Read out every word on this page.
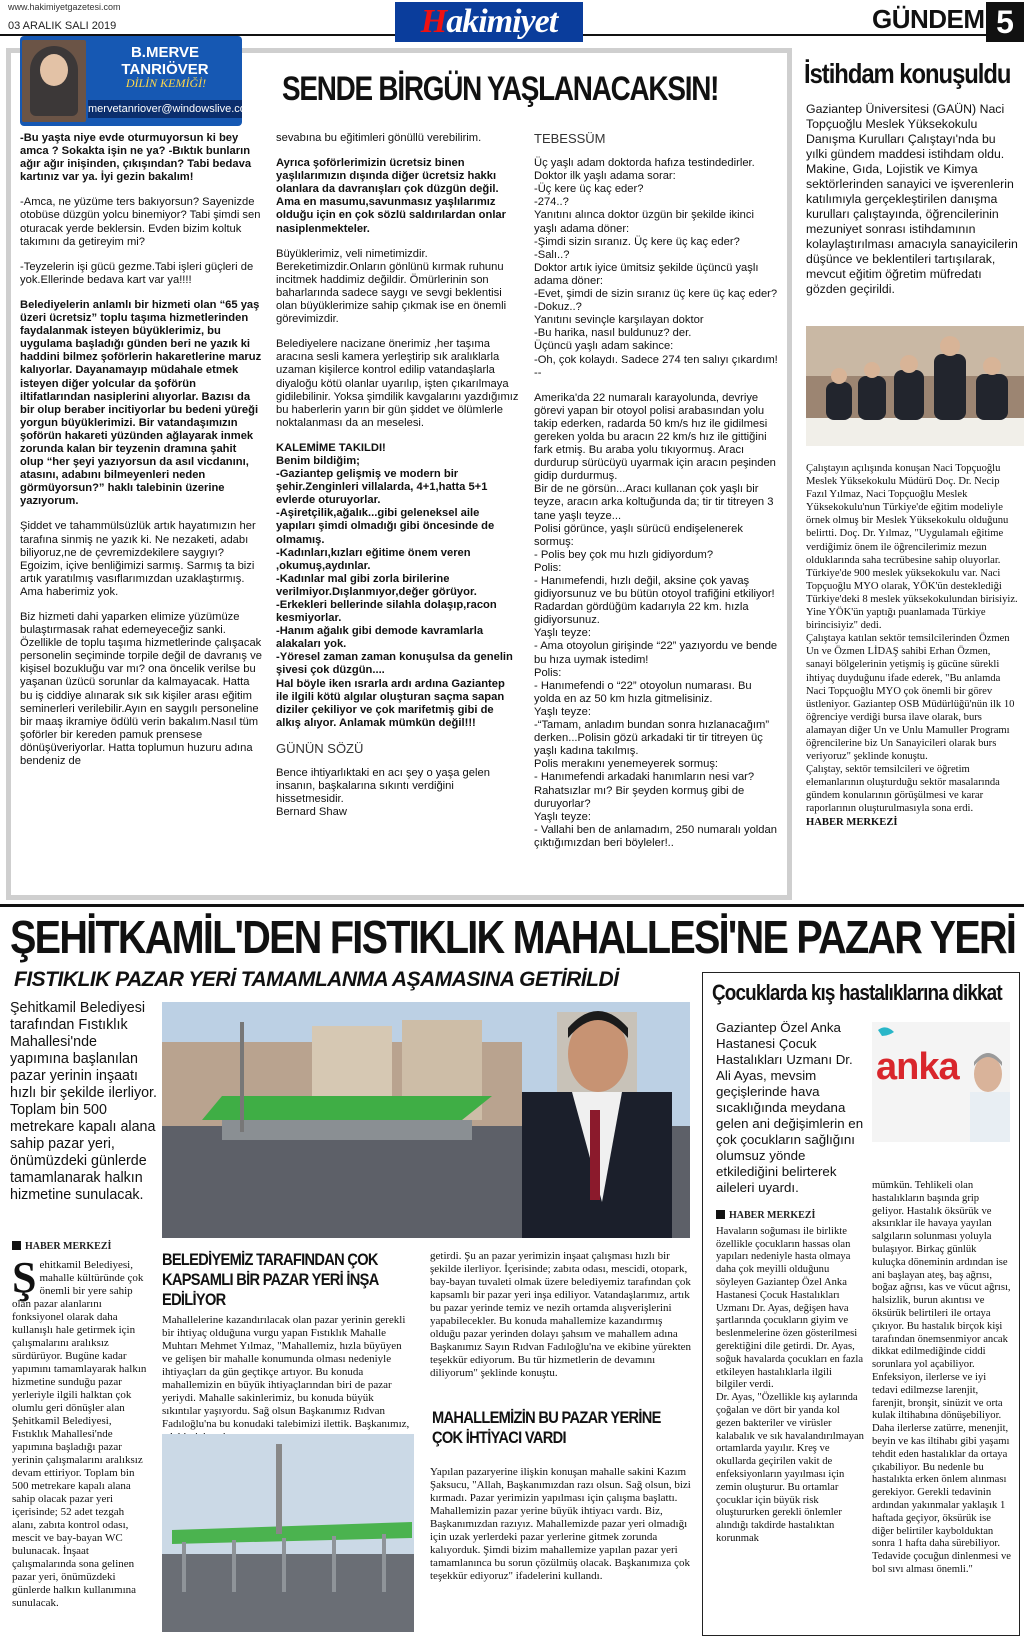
www.hakimiyetgazetesi.com
03 ARALIK SALI 2019	Hakimiyet	GÜNDEM 5
B.MERVE TANRIÖVER
DİLİN KEMİĞİ!
mervetanriover@windowslive.com
SENDE BİRGÜN YAŞLANACAKSIN!

-Bu yaşta niye evde oturmuyorsun ki bey amca ? Sokakta işin ne ya? -Bıktık bunların ağır ağır inişinden, çıkışından? Tabi bedava kartınız var ya. İyi gezin bakalım!

-Amca, ne yüzüme ters bakıyorsun? Sayenizde otobüse düzgün yolcu binemiyor? Tabi şimdi sen oturacak yerde beklersin. Evden bizim koltuk takımını da getireyim mi?

-Teyzelerin işi gücü gezme.Tabi işleri güçleri de yok.Ellerinde bedava kart var ya!!!!

Belediyelerin anlamlı bir hizmeti olan “65 yaş üzeri ücretsiz” toplu taşıma hizmetlerinden faydalanmak isteyen büyüklerimiz, bu uygulama başladığı günden beri ne yazık ki haddini bilmez şoförlerin hakaretlerine maruz kalıyorlar. Dayanamayıp müdahale etmek isteyen diğer yolcular da şoförün iltifatlarından nasiplerini alıyorlar. Bazısı da bir olup beraber incitiyorlar bu bedeni yüreği yorgun büyüklerimizi. Bir vatandaşımızın şoförün hakareti yüzünden ağlayarak inmek zorunda kalan bir teyzenin dramına şahit olup “her şeyi yazıyorsun da asıl vicdanını, atasını, adabını bilmeyenleri neden görmüyorsun?” haklı talebinin üzerine yazıyorum.

Şiddet ve tahammülsüzlük artık hayatımızın her tarafına sinmiş ne yazık ki. Ne nezaketi, adabı biliyoruz,ne de çevremizdekilere saygıyı? Egoizim, içive benliğimizi sarmış. Sarmış ta bizi artık yaratılmış vasıflarımızdan uzaklaştırmış. Ama haberimiz yok.

Biz hizmeti dahi yaparken elimize yüzümüze bulaştırmasak rahat edemeyeceğiz sanki. Özellikle de toplu taşıma hizmetlerinde çalışacak personelin seçiminde torpile değil de davranış ve kişisel bozukluğu var mı? ona öncelik verilse bu yaşanan üzücü sorunlar da kalmayacak. Hatta bu iş ciddiye alınarak sık sık kişiler arası eğitim seminerleri verilebilir.Ayın en saygılı personeline bir maaş ikramiye ödülü verin bakalım.Nasıl tüm şoförler bir kereden pamuk prensese dönüşüveriyorlar. Hatta toplumun huzuru adına bendeniz de

sevabına bu eğitimleri gönüllü verebilirim.

Ayrıca şoförlerimizin ücretsiz binen yaşlılarımızın dışında diğer ücretsiz hakkı olanlara da davranışları çok düzgün değil. Ama en masumu,savunmasız yaşlılarımız olduğu için en çok sözlü saldırılardan onlar nasiplenmekteler.

Büyüklerimiz, veli nimetimizdir. Bereketimizdir.Onların gönlünü kırmak ruhunu incitmek haddimiz değildir. Ömürlerinin son baharlarında sadece saygı ve sevgi beklentisi olan büyüklerimize sahip çıkmak ise en önemli görevimizdir.

Belediyelere nacizane önerimiz ,her taşıma aracına sesli kamera yerleştirip sık aralıklarla uzaman kişilerce kontrol edilip vatandaşlarla diyaloğu kötü olanlar uyarılıp, işten çıkarılmaya gidilebilinir. Yoksa şimdilik kavgalarını yazdığımız bu haberlerin yarın bir gün şiddet ve ölümlerle noktalanması da an meselesi.

KALEMİME TAKILDI!
Benim bildiğim;
-Gaziantep gelişmiş ve modern bir şehir.Zenginleri villalarda, 4+1,hatta 5+1 evlerde oturuyorlar.
-Aşiretçilik,ağalık...gibi geleneksel aile yapıları şimdi olmadığı gibi öncesinde de olmamış.
-Kadınları,kızları eğitime önem veren ,okumuş,aydınlar.
-Kadınlar mal gibi zorla birilerine verilmiyor.Dışlanmıyor,değer görüyor.
-Erkekleri bellerinde silahla dolaşıp,racon kesmiyorlar.
-Hanım ağalık gibi demode kavramlarla alakaları yok.
-Yöresel zaman zaman konuşulsa da genelin şivesi çok düzgün....
Hal böyle iken ısrarla ardı ardına Gaziantep ile ilgili kötü algılar oluşturan saçma sapan diziler çekiliyor ve çok marifetmiş gibi de alkış alıyor. Anlamak mümkün değil!!!

GÜNÜN SÖZÜ

Bence ihtiyarlıktaki en acı şey o yaşa gelen insanın, başkalarına sıkıntı verdiğini hissetmesidir.
Bernard Shaw

TEBESSÜM

Üç yaşlı adam doktorda hafıza testindedirler. Doktor ilk yaşlı adama sorar:
-Üç kere üç kaç eder?
-274..?
Yanıtını alınca doktor üzgün bir şekilde ikinci yaşlı adama döner:
-Şimdi sizin sıranız. Üç kere üç kaç eder?
-Salı..?
Doktor artık iyice ümitsiz şekilde üçüncü yaşlı adama döner:
-Evet, şimdi de sizin sıranız üç kere üç kaç eder?
-Dokuz..?
Yanıtını sevinçle karşılayan doktor
-Bu harika, nasıl buldunuz? der.
Üçüncü yaşlı adam sakince:
-Oh, çok kolaydı. Sadece 274 ten salıyı çıkardım!
--

Amerika'da 22 numaralı karayolunda, devriye görevi yapan bir otoyol polisi arabasından yolu takip ederken, radarda 50 km/s hız ile gidilmesi gereken yolda bu aracın 22 km/s hız ile gittiğini fark etmiş. Bu araba yolu tıkıyormuş. Aracı durdurup sürücüyü uyarmak için aracın peşinden gidip durdurmuş.
Bir de ne görsün...Aracı kullanan çok yaşlı bir teyze, aracın arka koltuğunda da; tir tir titreyen 3 tane yaşlı teyze...
Polisi görünce, yaşlı sürücü endişelenerek sormuş:
- Polis bey çok mu hızlı gidiyordum?
Polis:
- Hanımefendi, hızlı değil, aksine çok yavaş gidiyorsunuz ve bu bütün otoyol trafiğini etkiliyor! Radardan gördüğüm kadarıyla 22 km. hızla gidiyorsunuz.
Yaşlı teyze:
- Ama otoyolun girişinde “22” yazıyordu ve bende bu hıza uymak istedim!
Polis:
- Hanımefendi o “22” otoyolun numarası. Bu yolda en az 50 km hızla gitmelisiniz.
Yaşlı teyze:
-“Tamam, anladım bundan sonra hızlanacağım” derken...Polisin gözü arkadaki tir tir titreyen üç yaşlı kadına takılmış.
Polis merakını yenemeyerek sormuş:
- Hanımefendi arkadaki hanımların nesi var? Rahatsızlar mı? Bir şeyden kormuş gibi de duruyorlar?
Yaşlı teyze:
- Vallahi ben de anlamadım, 250 numaralı yoldan çıktığımızdan beri böyleler!..

İstihdam konuşuldu
Gaziantep Üniversitesi (GAÜN) Naci Topçuoğlu Meslek Yüksekokulu Danışma Kurulları Çalıştayı'nda bu yılki gündem maddesi istihdam oldu. Makine, Gıda, Lojistik ve Kimya sektörlerinden sanayici ve işverenlerin katılımıyla gerçekleştirilen danışma kurulları çalıştayında, öğrencilerinin mezuniyet sonrası istihdamının kolaylaştırılması amacıyla sanayicilerin düşünce ve beklentileri tartışılarak, mevcut eğitim öğretim müfredatı gözden geçirildi.

Çalıştayın açılışında konuşan Naci Topçuoğlu Meslek Yüksekokulu Müdürü Doç. Dr. Necip Fazıl Yılmaz, Naci Topçuoğlu Meslek Yüksekokulu'nun Türkiye'de eğitim modeliyle örnek olmuş bir Meslek Yüksekokulu olduğunu belirtti. Doç. Dr. Yılmaz, "Uygulamalı eğitime verdiğimiz önem ile öğrencilerimiz mezun olduklarında saha tecrübesine sahip oluyorlar. Türkiye'de 900 meslek yüksekokulu var. Naci Topçuoğlu MYO olarak, YÖK'ün desteklediği Türkiye'deki 8 meslek yüksekokulundan birisiyiz. Yine YÖK'ün yaptığı puanlamada Türkiye birincisiyiz" dedi.
Çalıştaya katılan sektör temsilcilerinden Özmen Un ve Özmen LİDAŞ sahibi Erhan Özmen, sanayi bölgelerinin yetişmiş iş gücüne sürekli ihtiyaç duyduğunu ifade ederek, "Bu anlamda Naci Topçuoğlu MYO çok önemli bir görev üstleniyor. Gaziantep OSB Müdürlüğü'nün ilk 10 öğrenciye verdiği bursa ilave olarak, burs alamayan diğer Un ve Unlu Mamuller Programı öğrencilerine biz Un Sanayicileri olarak burs veriyoruz" şeklinde konuştu.
Çalıştay, sektör temsilcileri ve öğretim elemanlarının oluşturduğu sektör masalarında gündem konularının görüşülmesi ve karar raporlarının oluşturulmasıyla sona erdi.

HABER MERKEZİ

ŞEHİTKAMİL'DEN FISTIKLIK MAHALLESİ'NE PAZAR YERİ
FISTIKLIK PAZAR YERİ TAMAMLANMA AŞAMASINA GETİRİLDİ
Şehitkamil Belediyesi tarafından Fıstıklık Mahallesi'nde yapımına başlanılan pazar yerinin inşaatı hızlı bir şekilde ilerliyor. Toplam bin 500 metrekare kapalı alana sahip pazar yeri, önümüzdeki günlerde tamamlanarak halkın hizmetine sunulacak.
HABER MERKEZİ
Ş ehitkamil Belediyesi, mahalle kültüründe çok önemli bir yere sahip olan pazar alanlarını fonksiyonel olarak daha kullanışlı hale getirmek için çalışmalarını aralıksız sürdürüyor. Bugüne kadar yapımını tamamlayarak halkın hizmetine sunduğu pazar yerleriyle ilgili halktan çok olumlu geri dönüşler alan Şehitkamil Belediyesi, Fıstıklık Mahallesi'nde yapımına başladığı pazar yerinin çalışmalarını aralıksız devam ettiriyor. Toplam bin 500 metrekare kapalı alana sahip olacak pazar yeri içerisinde; 52 adet tezgah alanı, zabıta kontrol odası, mescit ve bay-bayan WC bulunacak. İnşaat çalışmalarında sona gelinen pazar yeri, önümüzdeki günlerde halkın kullanımına sunulacak.
BELEDİYEMİZ TARAFINDAN ÇOK KAPSAMLI BİR PAZAR YERİ İNŞA EDİLİYOR
Mahallelerine kazandırılacak olan pazar yerinin gerekli bir ihtiyaç olduğuna vurgu yapan Fıstıklık Mahalle Muhtarı Mehmet Yılmaz, "Mahallemiz, hızla büyüyen ve gelişen bir mahalle konumunda olması nedeniyle ihtiyaçları da gün geçtikçe artıyor. Bu konuda mahallemizin en büyük ihtiyaçlarından biri de pazar yeriydi. Mahalle sakinlerimiz, bu konuda büyük sıkıntılar yaşıyordu. Sağ olsun Başkanımız Rıdvan Fadıloğlu'na bu konudaki talebimizi ilettik. Başkanımız,
getirdi. Şu an pazar yerimizin inşaat çalışması hızlı bir şekilde ilerliyor. İçerisinde; zabıta odası, mescidi, otopark, bay-bayan tuvaleti olmak üzere belediyemiz tarafından çok kapsamlı bir pazar yeri inşa ediliyor. Vatandaşlarımız, artık bu pazar yerinde temiz ve nezih ortamda alışverişlerini yapabilecekler. Bu konuda mahallemize kazandırmış olduğu pazar yerinden dolayı şahsım ve mahallem adına Başkanımız Sayın Rıdvan Fadıloğlu'na ve ekibine yürekten teşekkür ediyorum. Bu tür hizmetlerin de devamını diliyorum" şeklinde konuştu.
MAHALLEMİZİN BU PAZAR YERİNE ÇOK İHTİYACI VARDI
Yapılan pazaryerine ilişkin konuşan mahalle sakini Kazım Şaksucu, "Allah, Başkanımızdan razı olsun. Sağ olsun, bizi kırmadı. Pazar yerimizin yapılması için çalışma başlattı. Mahallemizin pazar yerine büyük ihtiyacı vardı. Biz, Başkanımızdan razıyız. Mahallemizde pazar yeri olmadığı için uzak yerlerdeki pazar yerlerine gitmek zorunda kalıyorduk. Şimdi bizim mahallemize yapılan pazar yeri tamamlanınca bu sorun çözülmüş olacak. Başkanımıza çok teşekkür ediyoruz" ifadelerini kullandı.
Çocuklarda kış hastalıklarına dikkat
Gaziantep Özel Anka Hastanesi Çocuk Hastalıkları Uzmanı Dr. Ali Ayas, mevsim geçişlerinde hava sıcaklığında meydana gelen ani değişimlerin en çok çocukların sağlığını olumsuz yönde etkilediğini belirterek aileleri uyardı.
anka
HABER MERKEZİ

Havaların soğuması ile birlikte özellikle çocukların hassas olan yapıları nedeniyle hasta olmaya daha çok meyilli olduğunu söyleyen Gaziantep Özel Anka Hastanesi Çocuk Hastalıkları Uzmanı Dr. Ayas, değişen hava şartlarında çocukların giyim ve beslenmelerine özen gösterilmesi gerektiğini dile getirdi. Dr. Ayas, soğuk havalarda çocukları en fazla etkileyen hastalıklarla ilgili bilgiler verdi.
Dr. Ayas, "Özellikle kış aylarında çoğalan ve dört bir yanda kol gezen bakteriler ve virüsler kalabalık ve sık havalandırılmayan ortamlarda yayılır. Kreş ve okullarda geçirilen vakit de enfeksiyonların yayılması için zemin oluşturur. Bu ortamlar çocuklar için büyük risk oluştururken gerekli önlemler alındığı takdirde hastalıktan korunmak

mümkün. Tehlikeli olan hastalıkların başında grip geliyor. Hastalık öksürük ve aksırıklar ile havaya yayılan salgıların solunması yoluyla bulaşıyor. Birkaç günlük kuluçka döneminin ardından ise ani başlayan ateş, baş ağrısı, boğaz ağrısı, kas ve vücut ağrısı, halsizlik, burun akıntısı ve öksürük belirtileri ile ortaya çıkıyor. Bu hastalık birçok kişi tarafından önemsenmiyor ancak dikkat edilmediğinde ciddi sorunlara yol açabiliyor. Enfeksiyon, ilerlerse ve iyi tedavi edilmezse larenjit, farenjit, bronşit, sinüzit ve orta kulak iltihabına dönüşebiliyor. Daha ilerlerse zatürre, menenjit, beyin ve kas iltihabı gibi yaşamı tehdit eden hastalıklar da ortaya çıkabiliyor. Bu nedenle bu hastalıkta erken önlem alınması gerekiyor. Gerekli tedavinin ardından yakınmalar yaklaşık 1 haftada geçiyor, öksürük ise diğer belirtiler kaybolduktan sonra 1 hafta daha sürebiliyor. Tedavide çocuğun dinlenmesi ve bol sıvı alması önemli."
